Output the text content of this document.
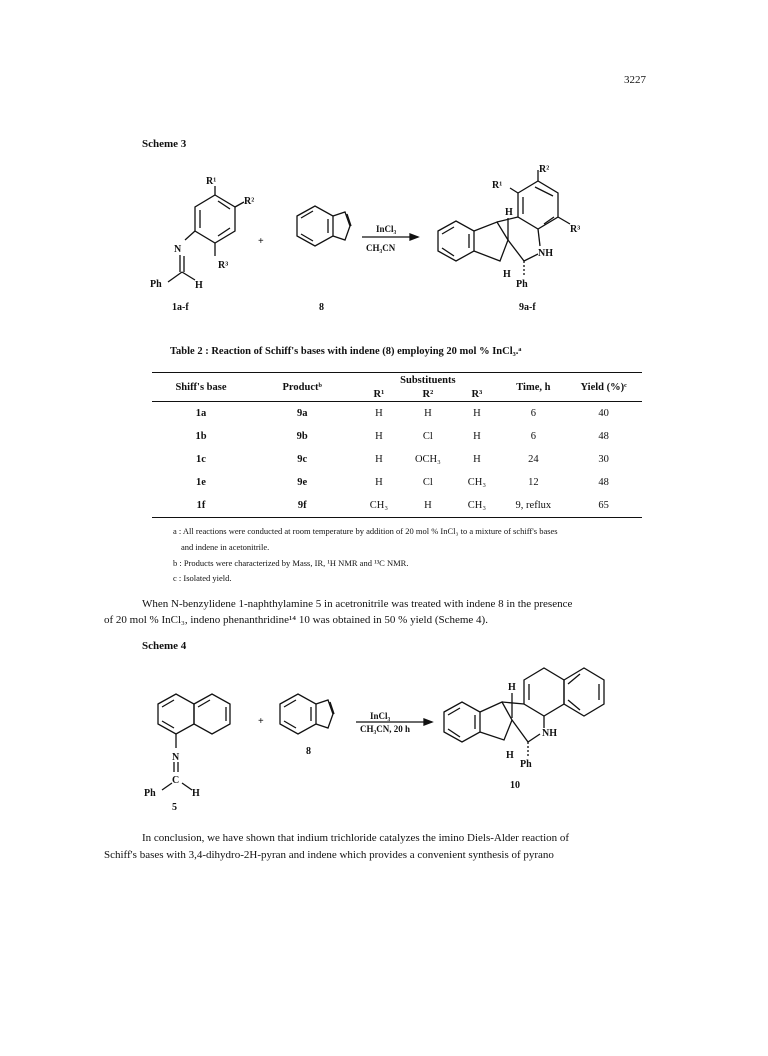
3227
Scheme 3
R¹
R²
R³
N
Ph	H
+
InCl₃
CH₃CN
R²
R¹
R³
H
NH
H
Ph
1a-f	8	9a-f
Table 2 : Reaction of Schiff's bases with indene (8) employing 20 mol % InCl₃.ᵃ
Shiff's base	Productᵇ	Substituents			Time, h	Yield (%)ᶜ
		R¹	R²	R³		
1a	9a	H	H	H	6	40
1b	9b	H	Cl	H	6	48
1c	9c	H	OCH₃	H	24	30
1e	9e	H	Cl	CH₃	12	48
1f	9f	CH₃	H	CH₃	9, reflux	65
a : All reactions were conducted at room temperature by addition of 20 mol % InCl₃ to a mixture of schiff's bases
and indene in acetonitrile.
b : Products were characterized by Mass, IR, ¹H NMR and ¹³C NMR.
c : Isolated yield.
When N-benzylidene 1-naphthylamine 5 in acetronitrile was treated with indene 8 in the presence
of 20 mol % InCl₃, indeno phenanthridine¹⁴ 10 was obtained in 50 % yield (Scheme 4).
Scheme 4
N
C
Ph	H
+	InCl₃
CH₃CN, 20 h
H
NH
H
Ph
8
10
5
In conclusion, we have shown that indium trichloride catalyzes the imino Diels-Alder reaction of
Schiff's bases with 3,4-dihydro-2H-pyran and indene which provides a convenient synthesis of pyrano
